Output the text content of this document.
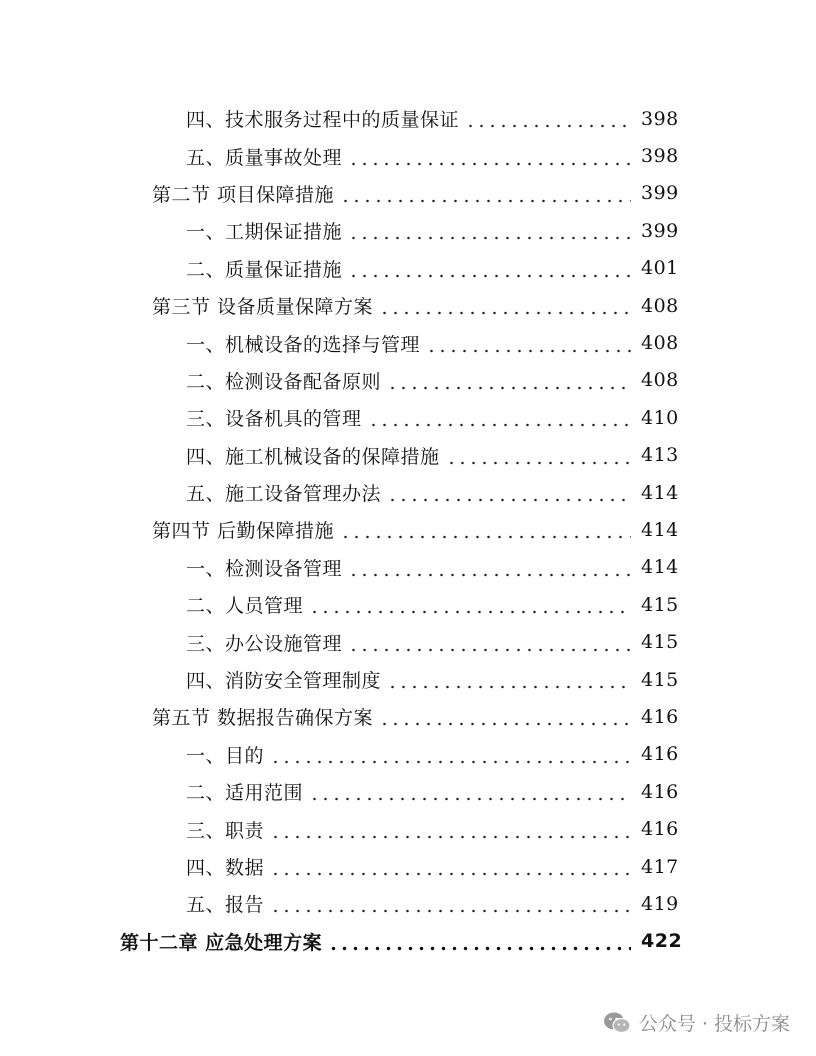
四、技术服务过程中的质量保证	398
五、质量事故处理	398
第二节 项目保障措施	399
一、工期保证措施	399
二、质量保证措施	401
第三节 设备质量保障方案	408
一、机械设备的选择与管理	408
二、检测设备配备原则	408
三、设备机具的管理	410
四、施工机械设备的保障措施	413
五、施工设备管理办法	414
第四节 后勤保障措施	414
一、检测设备管理	414
二、人员管理	415
三、办公设施管理	415
四、消防安全管理制度	415
第五节 数据报告确保方案	416
一、目的	416
二、适用范围	416
三、职责	416
四、数据	417
五、报告	419
第十二章 应急处理方案	422
公众号 · 投标方案
